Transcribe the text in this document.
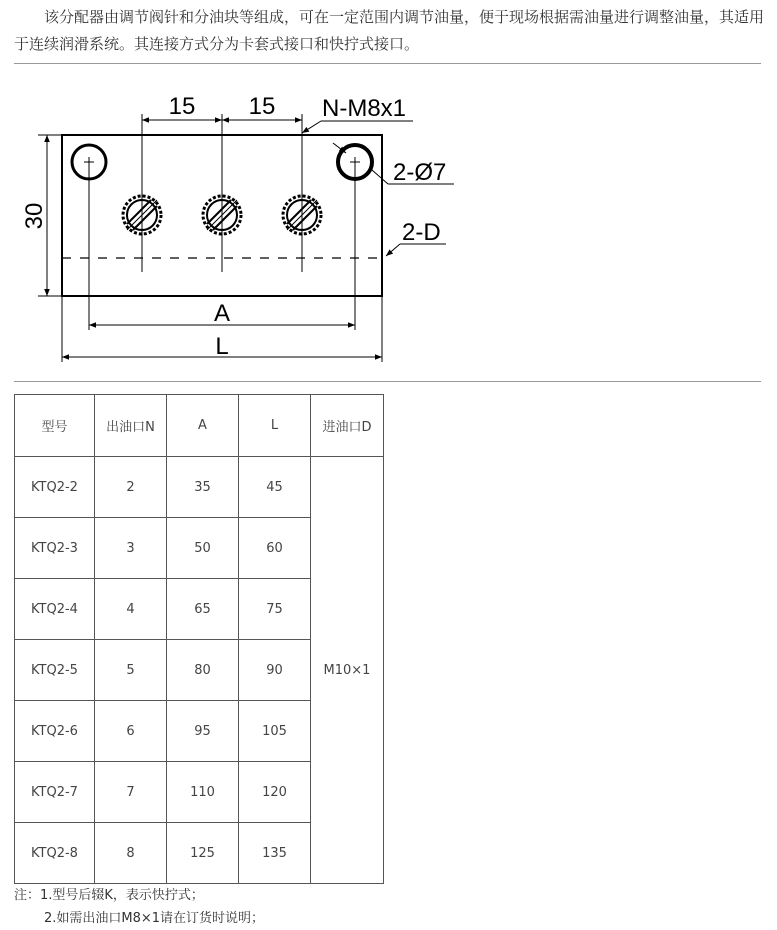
该分配器由调节阀针和分油块等组成，可在一定范围内调节油量，便于现场根据需油量进行调整油量，其适用于连续润滑系统。其连接方式分为卡套式接口和快拧式接口。

15 15 N-M8x1
2-Ø7
2-D
30
A
L
型号	出油口N	A	L	进油口D
KTQ2-2	2	35	45	M10×1
KTQ2-3	3	50	60	
KTQ2-4	4	65	75	
KTQ2-5	5	80	90	
KTQ2-6	6	95	105	
KTQ2-7	7	110	120	
KTQ2-8	8	125	135	
注：1.型号后辍K，表示快拧式；
2.如需出油口M8×1请在订货时说明；
